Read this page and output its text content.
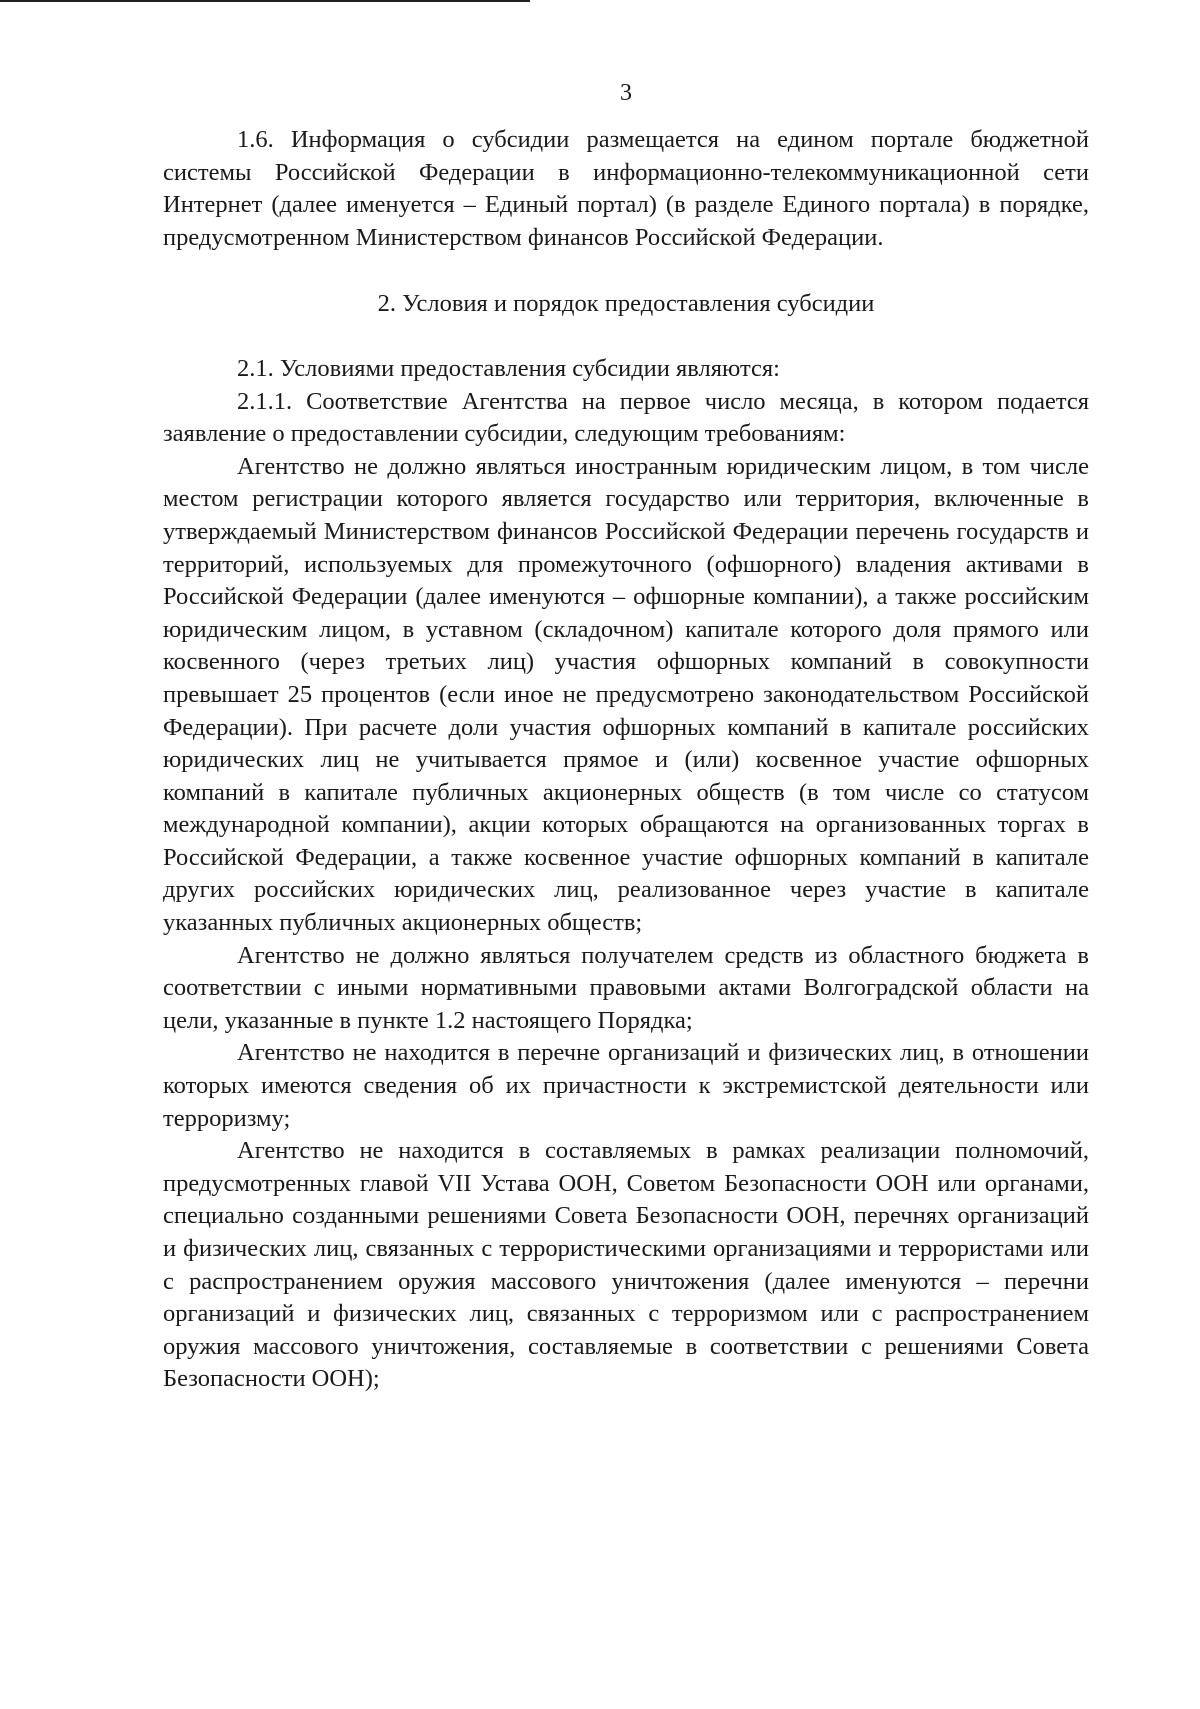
3

1.6. Информация о субсидии размещается на едином портале бюджетной системы Российской Федерации в информационно-телекоммуникационной сети Интернет (далее именуется – Единый портал) (в разделе Единого портала) в порядке, предусмотренном Министерством финансов Российской Федерации.

2. Условия и порядок предоставления субсидии

2.1. Условиями предоставления субсидии являются:

2.1.1. Соответствие Агентства на первое число месяца, в котором подается заявление о предоставлении субсидии, следующим требованиям:

Агентство не должно являться иностранным юридическим лицом, в том числе местом регистрации которого является государство или территория, включенные в утверждаемый Министерством финансов Российской Федерации перечень государств и территорий, используемых для промежуточного (офшорного) владения активами в Российской Федерации (далее именуются – офшорные компании), а также российским юридическим лицом, в уставном (складочном) капитале которого доля прямого или косвенного (через третьих лиц) участия офшорных компаний в совокупности превышает 25 процентов (если иное не предусмотрено законодательством Российской Федерации). При расчете доли участия офшорных компаний в капитале российских юридических лиц не учитывается прямое и (или) косвенное участие офшорных компаний в капитале публичных акционерных обществ (в том числе со статусом международной компании), акции которых обращаются на организованных торгах в Российской Федерации, а также косвенное участие офшорных компаний в капитале других российских юридических лиц, реализованное через участие в капитале указанных публичных акционерных обществ;

Агентство не должно являться получателем средств из областного бюджета в соответствии с иными нормативными правовыми актами Волгоградской области на цели, указанные в пункте 1.2 настоящего Порядка;

Агентство не находится в перечне организаций и физических лиц, в отношении которых имеются сведения об их причастности к экстремистской деятельности или терроризму;

Агентство не находится в составляемых в рамках реализации полномочий, предусмотренных главой VII Устава ООН, Советом Безопасности ООН или органами, специально созданными решениями Совета Безопасности ООН, перечнях организаций и физических лиц, связанных с террористическими организациями и террористами или с распространением оружия массового уничтожения (далее именуются – перечни организаций и физических лиц, связанных с терроризмом или с распространением оружия массового уничтожения, составляемые в соответствии с решениями Совета Безопасности ООН);
